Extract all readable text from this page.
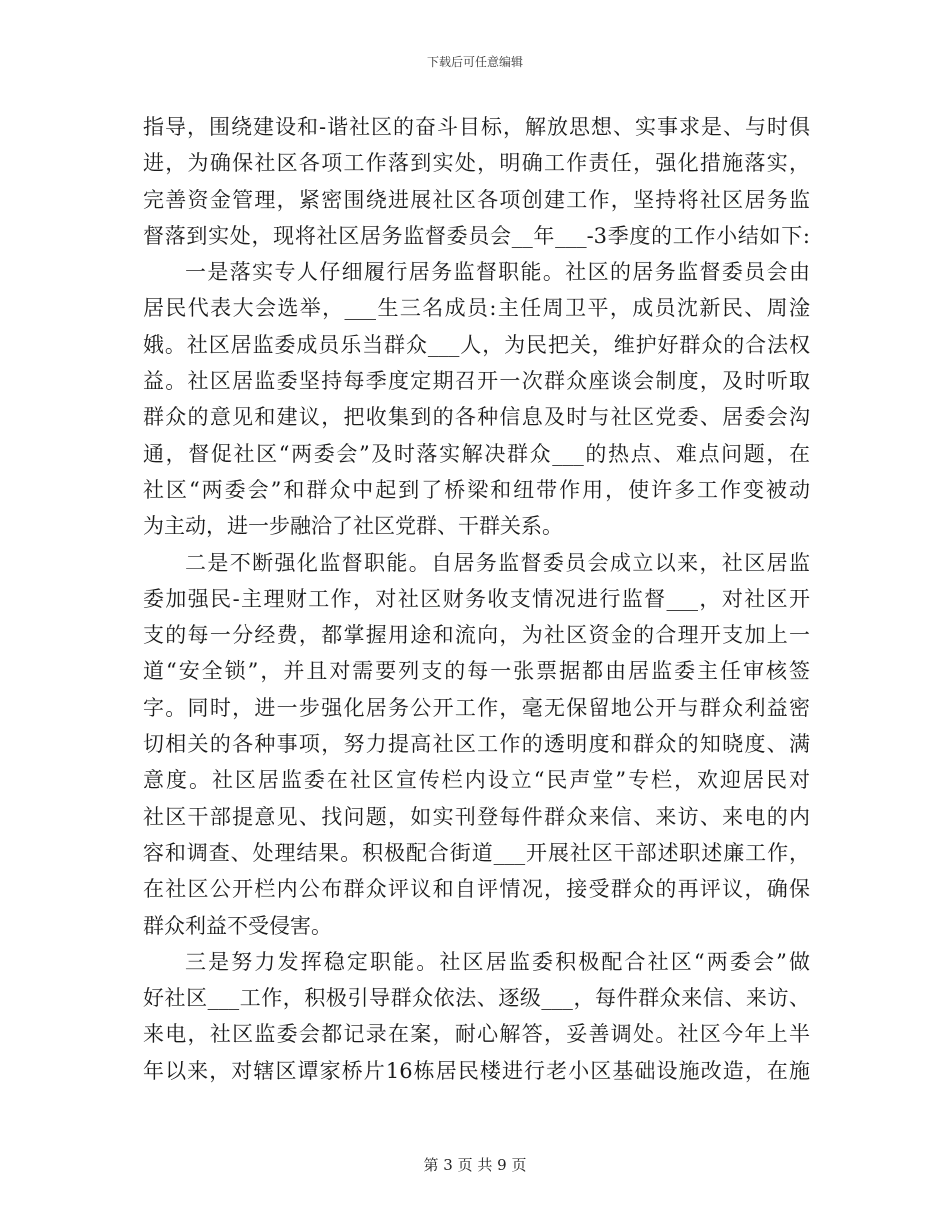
下载后可任意编辑
指导，围绕建设和-谐社区的奋斗目标，解放思想、实事求是、与时俱
进，为确保社区各项工作落到实处，明确工作责任，强化措施落实，
完善资金管理，紧密围绕进展社区各项创建工作，坚持将社区居务监
督落到实处，现将社区居务监督委员会__年___-3季度的工作小结如下:
一是落实专人仔细履行居务监督职能。社区的居务监督委员会由
居民代表大会选举，___生三名成员:主任周卫平，成员沈新民、周淦
娥。社区居监委成员乐当群众___人，为民把关，维护好群众的合法权
益。社区居监委坚持每季度定期召开一次群众座谈会制度，及时听取
群众的意见和建议，把收集到的各种信息及时与社区党委、居委会沟
通，督促社区“两委会”及时落实解决群众___的热点、难点问题，在
社区“两委会”和群众中起到了桥梁和纽带作用，使许多工作变被动
为主动，进一步融洽了社区党群、干群关系。
二是不断强化监督职能。自居务监督委员会成立以来，社区居监
委加强民-主理财工作，对社区财务收支情况进行监督___，对社区开
支的每一分经费，都掌握用途和流向，为社区资金的合理开支加上一
道“安全锁”，并且对需要列支的每一张票据都由居监委主任审核签
字。同时，进一步强化居务公开工作，毫无保留地公开与群众利益密
切相关的各种事项，努力提高社区工作的透明度和群众的知晓度、满
意度。社区居监委在社区宣传栏内设立“民声堂”专栏，欢迎居民对
社区干部提意见、找问题，如实刊登每件群众来信、来访、来电的内
容和调查、处理结果。积极配合街道___开展社区干部述职述廉工作，
在社区公开栏内公布群众评议和自评情况，接受群众的再评议，确保
群众利益不受侵害。
三是努力发挥稳定职能。社区居监委积极配合社区“两委会”做
好社区___工作，积极引导群众依法、逐级___，每件群众来信、来访、
来电，社区监委会都记录在案，耐心解答，妥善调处。社区今年上半
年以来，对辖区谭家桥片16栋居民楼进行老小区基础设施改造，在施
第 3 页 共 9 页
